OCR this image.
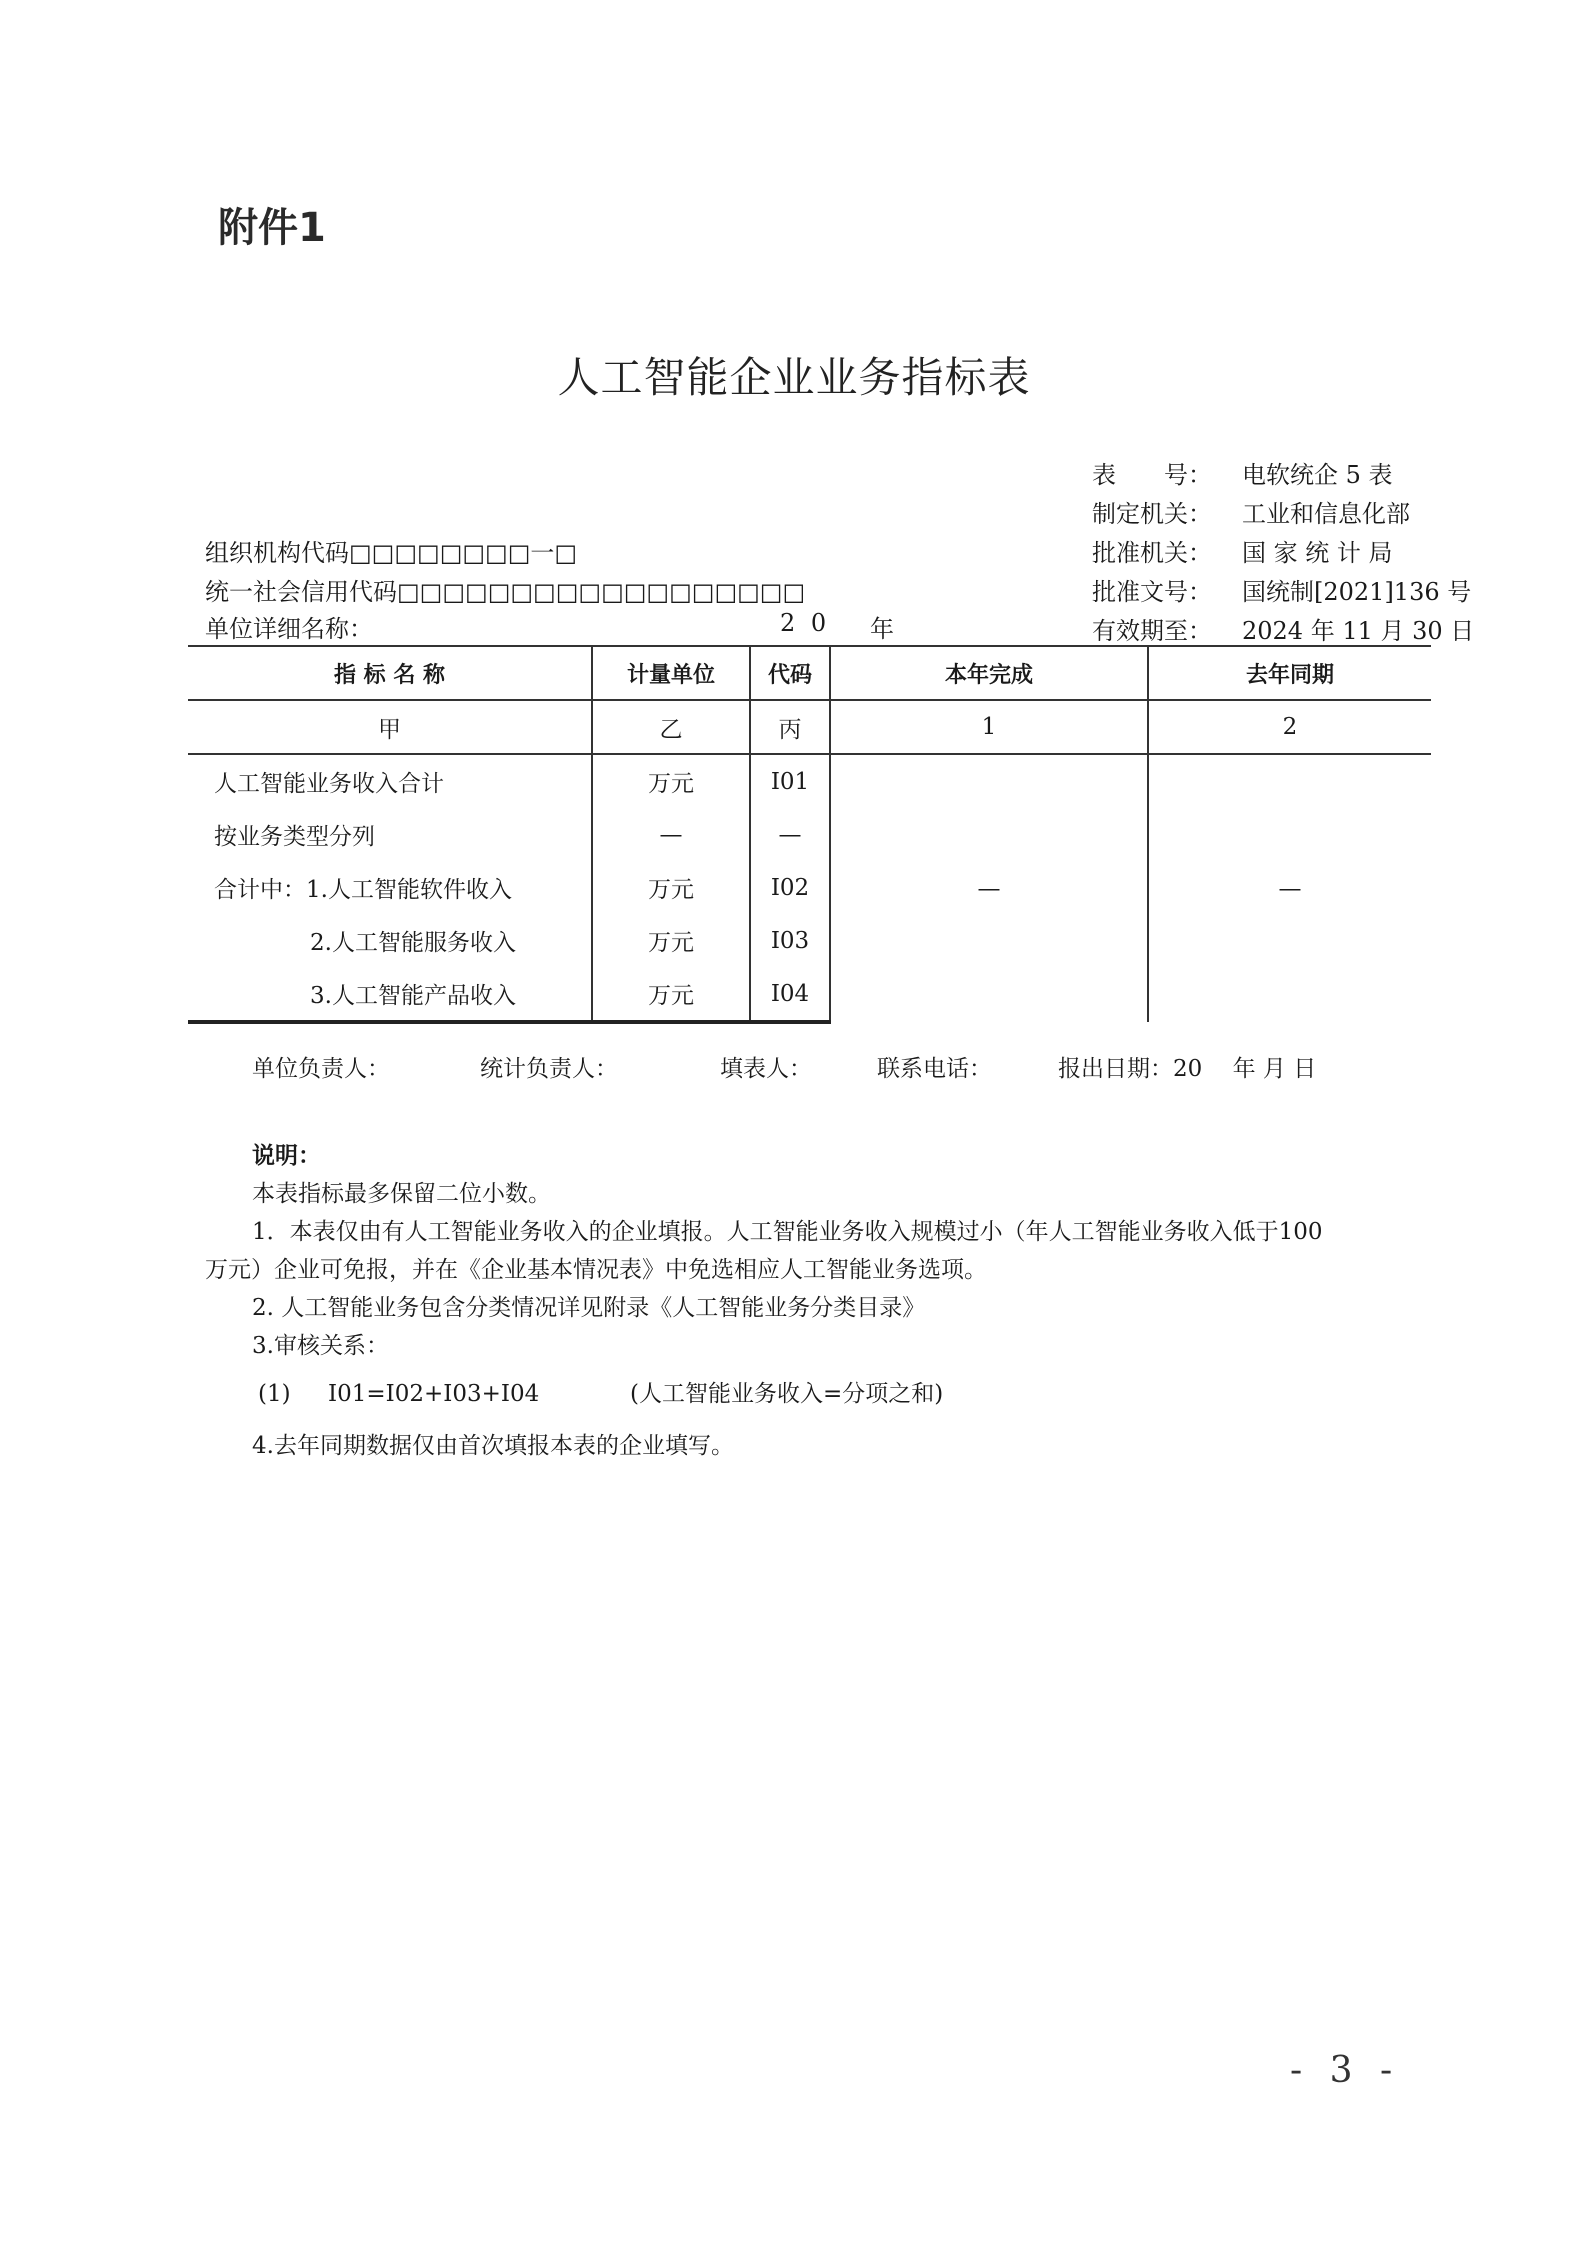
附件1
人工智能企业业务指标表
表　　号： 电软统企 5 表
制定机关： 工业和信息化部
批准机关： 国 家 统 计 局
批准文号： 国统制[2021]136 号
有效期至： 2024 年 11 月 30 日
组织机构代码□□□□□□□□一□
统一社会信用代码□□□□□□□□□□□□□□□□□□
单位详细名称：	2 0 年
指 标 名 称	计量单位	代码	本年完成	去年同期
甲	乙	丙	1	2
人工智能业务收入合计	万元	I01	—	—
按业务类型分列	—	—		
合计中：1.人工智能软件收入	万元	I02		
2.人工智能服务收入	万元	I03		
3.人工智能产品收入	万元	I04		
单位负责人：	统计负责人：	填表人：	联系电话：	报出日期：20　 年 月 日
说明：
本表指标最多保留二位小数。
1．本表仅由有人工智能业务收入的企业填报。人工智能业务收入规模过小（年人工智能业务收入低于100
万元）企业可免报，并在《企业基本情况表》中免选相应人工智能业务选项。
2. 人工智能业务包含分类情况详见附录《人工智能业务分类目录》
3.审核关系：
(1) I01=I02+I03+I04	(人工智能业务收入=分项之和)
4.去年同期数据仅由首次填报本表的企业填写。
- 3 -
